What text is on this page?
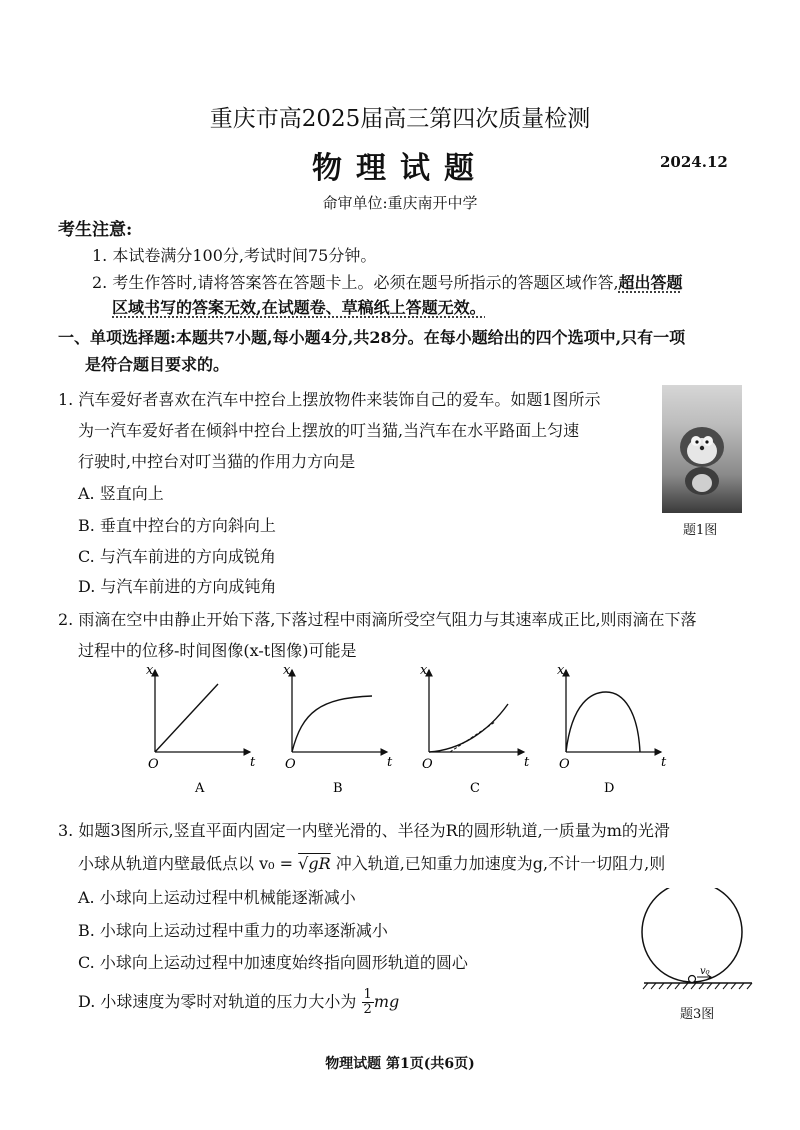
重庆市高2025届高三第四次质量检测
物理试题	2024.12
命审单位:重庆南开中学
考生注意:
1. 本试卷满分100分,考试时间75分钟。
2. 考生作答时,请将答案答在答题卡上。必须在题号所指示的答题区域作答,超出答题
区域书写的答案无效,在试题卷、草稿纸上答题无效。
一、单项选择题:本题共7小题,每小题4分,共28分。在每小题给出的四个选项中,只有一项
是符合题目要求的。
1. 汽车爱好者喜欢在汽车中控台上摆放物件来装饰自己的爱车。如题1图所示
为一汽车爱好者在倾斜中控台上摆放的叮当猫,当汽车在水平路面上匀速
行驶时,中控台对叮当猫的作用力方向是
A. 竖直向上
B. 垂直中控台的方向斜向上
C. 与汽车前进的方向成锐角
D. 与汽车前进的方向成钝角
题1图
2. 雨滴在空中由静止开始下落,下落过程中雨滴所受空气阻力与其速率成正比,则雨滴在下落
过程中的位移-时间图像(x-t图像)可能是
x
t
O
A
x
t
O
B
x
t
O
C
x
t
O
D
3. 如题3图所示,竖直平面内固定一内壁光滑的、半径为R的圆形轨道,一质量为m的光滑
小球从轨道内壁最低点以 v₀ = √gR 冲入轨道,已知重力加速度为g,不计一切阻力,则
A. 小球向上运动过程中机械能逐渐减小
B. 小球向上运动过程中重力的功率逐渐减小
C. 小球向上运动过程中加速度始终指向圆形轨道的圆心
D. 小球速度为零时对轨道的压力大小为 $\frac{1}{2}$ mg
v₀
题3图
物理试题 第1页(共6页)
